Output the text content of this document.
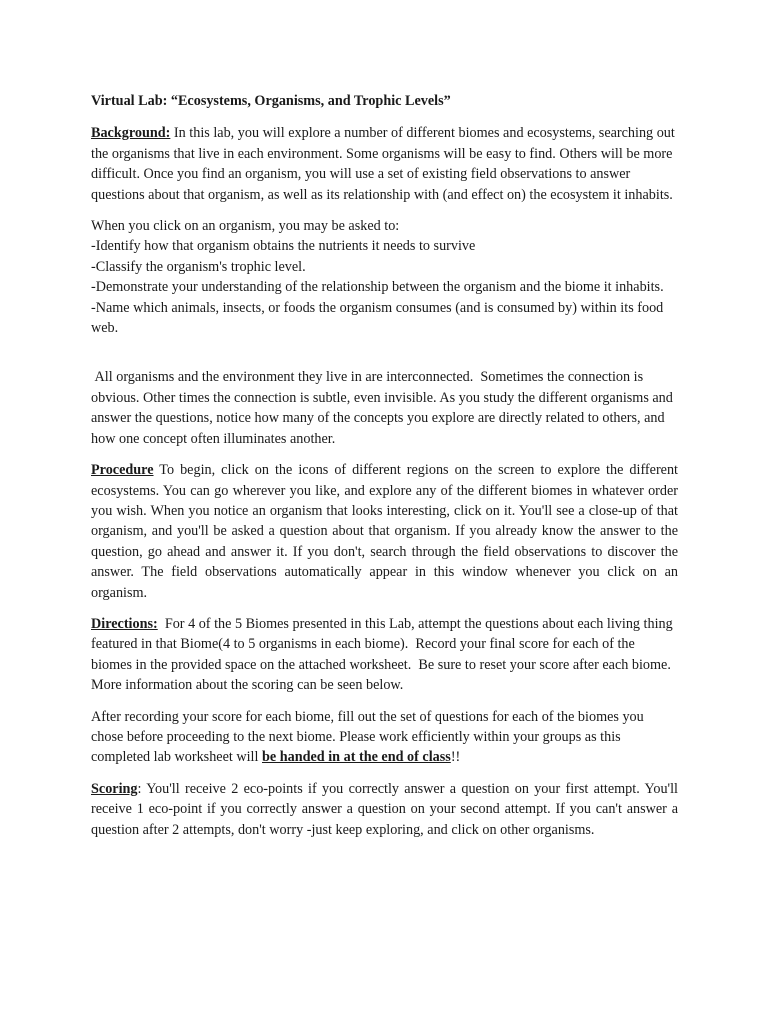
Virtual Lab: “Ecosystems, Organisms, and Trophic Levels”
Background: In this lab, you will explore a number of different biomes and ecosystems, searching out the organisms that live in each environment. Some organisms will be easy to find. Others will be more difficult. Once you find an organism, you will use a set of existing field observations to answer questions about that organism, as well as its relationship with (and effect on) the ecosystem it inhabits.
When you click on an organism, you may be asked to:
-Identify how that organism obtains the nutrients it needs to survive
-Classify the organism's trophic level.
-Demonstrate your understanding of the relationship between the organism and the biome it inhabits.
-Name which animals, insects, or foods the organism consumes (and is consumed by) within its food web.
All organisms and the environment they live in are interconnected.  Sometimes the connection is obvious. Other times the connection is subtle, even invisible. As you study the different organisms and answer the questions, notice how many of the concepts you explore are directly related to others, and how one concept often illuminates another.
Procedure To begin, click on the icons of different regions on the screen to explore the different ecosystems. You can go wherever you like, and explore any of the different biomes in whatever order you wish. When you notice an organism that looks interesting, click on it. You'll see a close-up of that organism, and you'll be asked a question about that organism. If you already know the answer to the question, go ahead and answer it. If you don't, search through the field observations to discover the answer. The field observations automatically appear in this window whenever you click on an organism.
Directions:  For 4 of the 5 Biomes presented in this Lab, attempt the questions about each living thing featured in that Biome(4 to 5 organisms in each biome).  Record your final score for each of the biomes in the provided space on the attached worksheet.  Be sure to reset your score after each biome. More information about the scoring can be seen below.
After recording your score for each biome, fill out the set of questions for each of the biomes you chose before proceeding to the next biome. Please work efficiently within your groups as this completed lab worksheet will be handed in at the end of class!!
Scoring: You'll receive 2 eco-points if you correctly answer a question on your first attempt. You'll receive 1 eco-point if you correctly answer a question on your second attempt. If you can't answer a question after 2 attempts, don't worry -just keep exploring, and click on other organisms.
